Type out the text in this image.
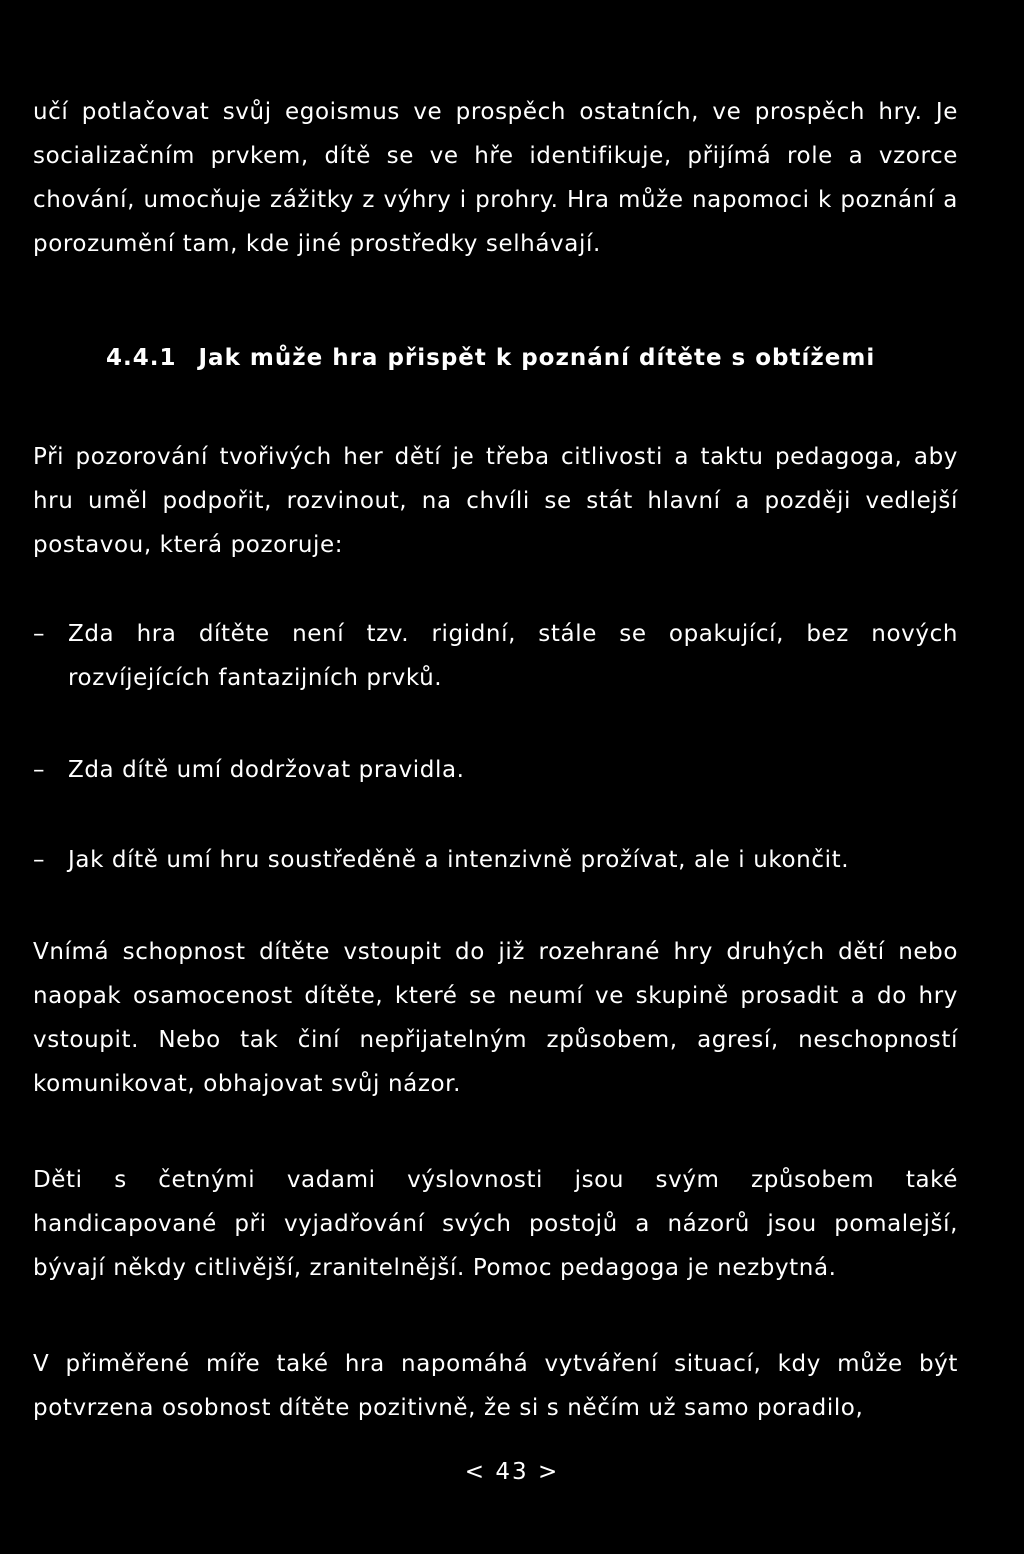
učí potlačovat svůj egoismus ve prospěch ostatních, ve prospěch hry. Je socializačním prvkem, dítě se ve hře identifikuje, přijímá role a vzorce chování, umocňuje zážitky z výhry i prohry. Hra může napomoci k poznání a porozumění tam, kde jiné prostředky selhávají.

4.4.1 Jak může hra přispět k poznání dítěte s obtížemi

Při pozorování tvořivých her dětí je třeba citlivosti a taktu pedagoga, aby hru uměl podpořit, rozvinout, na chvíli se stát hlavní a později vedlejší postavou, která pozoruje:

– Zda hra dítěte není tzv. rigidní, stále se opakující, bez nových rozvíjejících fantazijních prvků.
– Zda dítě umí dodržovat pravidla.
– Jak dítě umí hru soustředěně a intenzivně prožívat, ale i ukončit.

Vnímá schopnost dítěte vstoupit do již rozehrané hry druhých dětí nebo naopak osamocenost dítěte, které se neumí ve skupině prosadit a do hry vstoupit. Nebo tak činí nepřijatelným způsobem, agresí, neschopností komunikovat, obhajovat svůj názor.

Děti s četnými vadami výslovnosti jsou svým způsobem také handicapované při vyjadřování svých postojů a názorů jsou pomalejší, bývají někdy citlivější, zranitelnější. Pomoc pedagoga je nezbytná.

V přiměřené míře také hra napomáhá vytváření situací, kdy může být potvrzena osobnost dítěte pozitivně, že si s něčím už samo poradilo,

< 43 >
